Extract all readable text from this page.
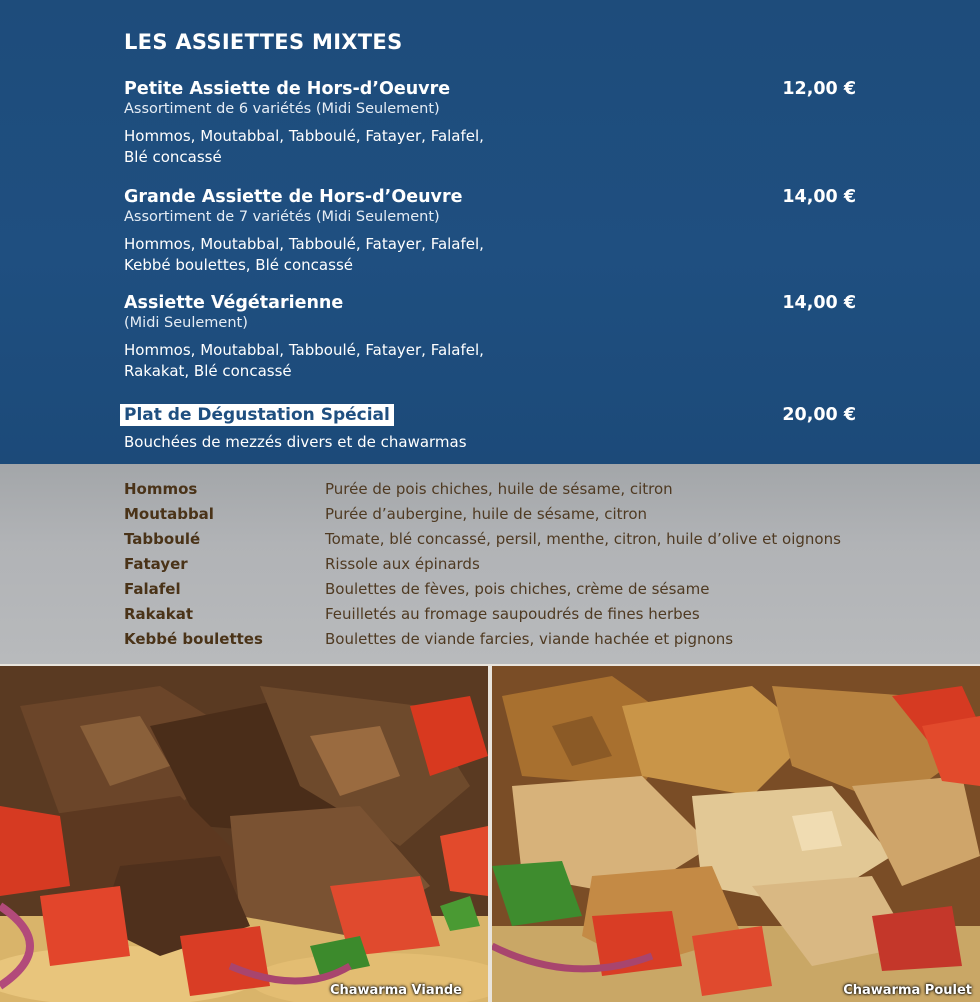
LES ASSIETTES MIXTES
Petite Assiette de Hors-d’Oeuvre
Assortiment de 6 variétés (Midi Seulement)
Hommos, Moutabbal, Tabboulé, Fatayer, Falafel,
Blé concassé
12,00 €
Grande Assiette de Hors-d’Oeuvre
Assortiment de 7 variétés (Midi Seulement)
Hommos, Moutabbal, Tabboulé, Fatayer, Falafel,
Kebbé boulettes, Blé concassé
14,00 €
Assiette Végétarienne
(Midi Seulement)
Hommos, Moutabbal, Tabboulé, Fatayer, Falafel,
Rakakat, Blé concassé
14,00 €
Plat de Dégustation Spécial
Bouchées de mezzés divers et de chawarmas
20,00 €
Hommos	Purée de pois chiches, huile de sésame, citron
Moutabbal	Purée d’aubergine, huile de sésame, citron
Tabboulé	Tomate, blé concassé, persil, menthe, citron, huile d’olive et oignons
Fatayer	Rissole aux épinards
Falafel	Boulettes de fèves, pois chiches, crème de sésame
Rakakat	Feuilletés au fromage saupoudrés de fines herbes
Kebbé boulettes	Boulettes de viande farcies, viande hachée et pignons
Chawarma Viande	Chawarma Poulet
